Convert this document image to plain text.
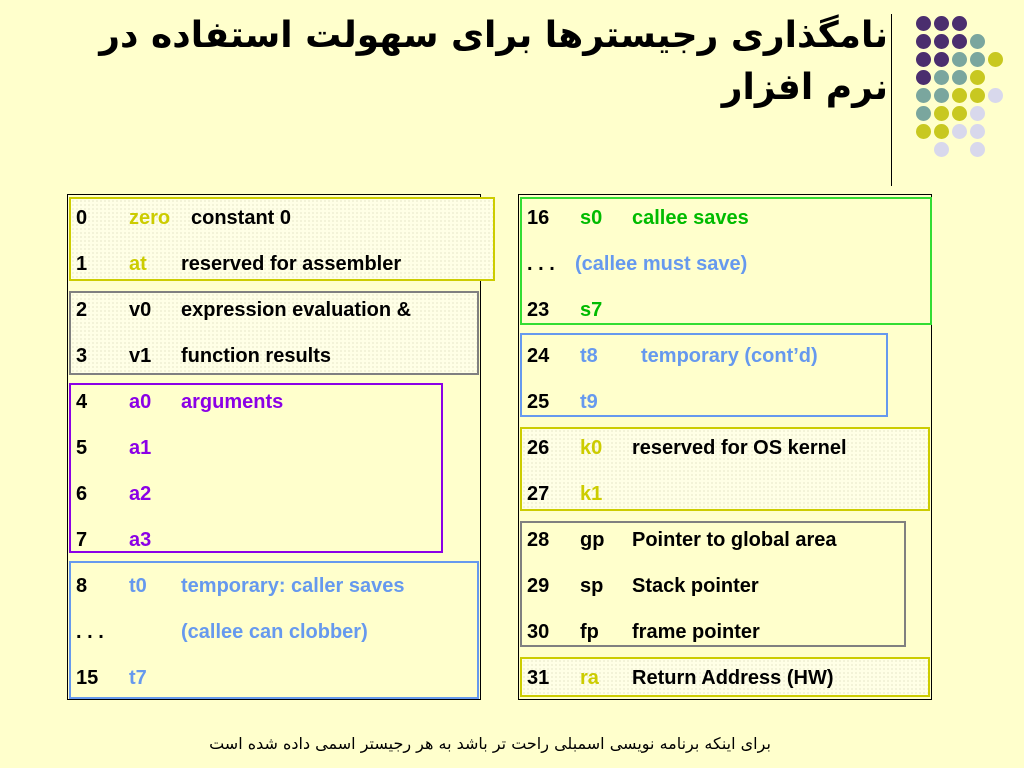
نامگذاری رجیسترها برای سهولت استفاده در نرم افزار
0 zero constant 0
1 at reserved for assembler
2 v0 expression evaluation &
3 v1 function results
4 a0 arguments
5 a1
6 a2
7 a3
8 t0 temporary: caller saves
. . .	(callee can clobber)
15 t7
16 s0 callee saves
. . . (callee must save)
23 s7
24 t8 temporary (cont’d)
25 t9
26 k0 reserved for OS kernel
27 k1
28 gp Pointer to global area
29 sp Stack pointer
30 fp frame pointer
31 ra Return Address (HW)
برای اینکه برنامه نویسی اسمبلی راحت تر باشد به هر رجیستر اسمی داده شده است
